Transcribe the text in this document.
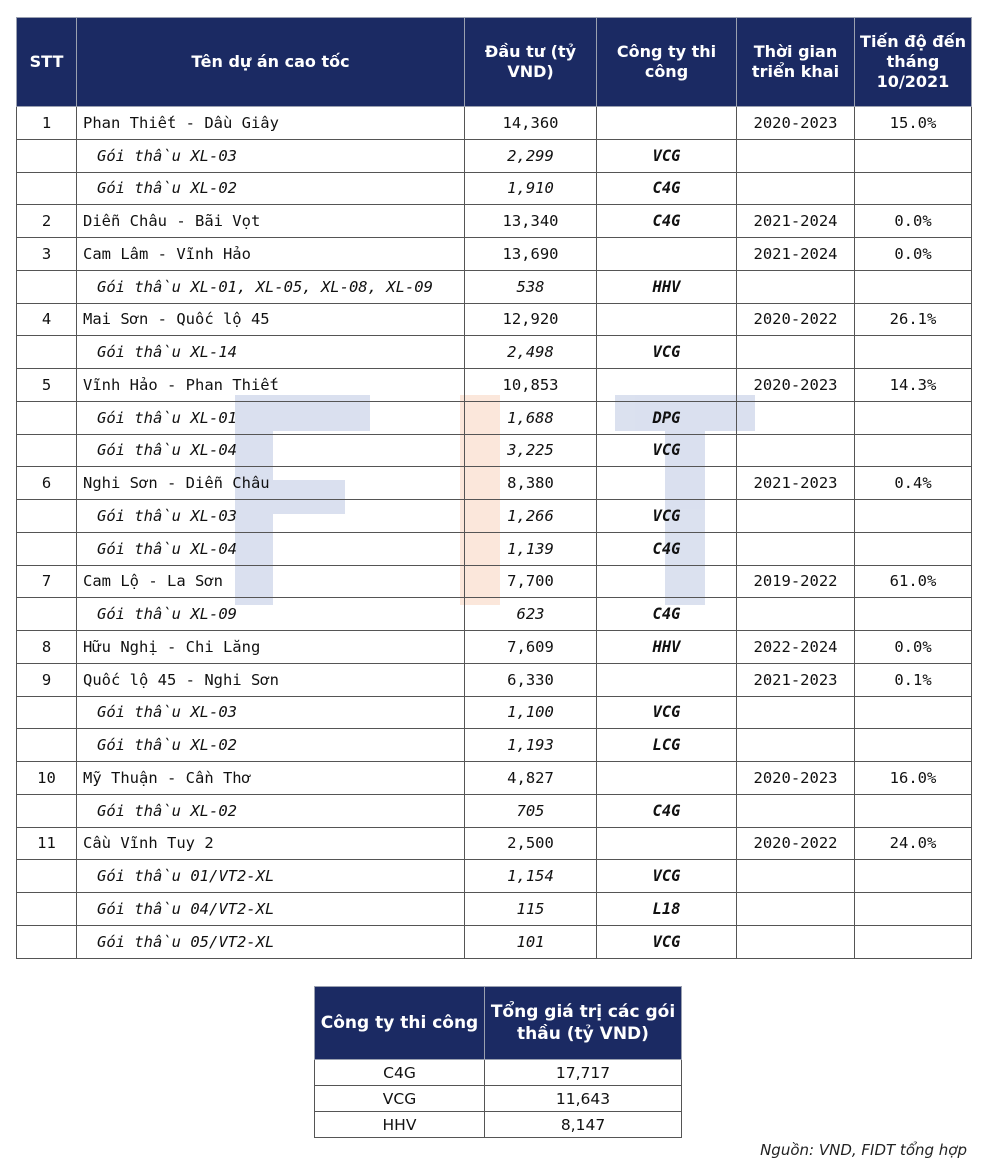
STT	Tên dự án cao tốc	Đầu tư (tỷ VND)	Công ty thi công	Thời gian triển khai	Tiến độ đến tháng 10/2021
1	Phan Thiết - Dầu Giây	14,360		2020-2023	15.0%
	Gói thầu XL-03	2,299	VCG		
	Gói thầu XL-02	1,910	C4G		
2	Diễn Châu - Bãi Vọt	13,340	C4G	2021-2024	0.0%
3	Cam Lâm - Vĩnh Hảo	13,690		2021-2024	0.0%
	Gói thầu XL-01, XL-05, XL-08, XL-09	538	HHV		
4	Mai Sơn - Quốc lộ 45	12,920		2020-2022	26.1%
	Gói thầu XL-14	2,498	VCG		
5	Vĩnh Hảo - Phan Thiết	10,853		2020-2023	14.3%
	Gói thầu XL-01	1,688	DPG		
	Gói thầu XL-04	3,225	VCG		
6	Nghi Sơn - Diễn Châu	8,380		2021-2023	0.4%
	Gói thầu XL-03	1,266	VCG		
	Gói thầu XL-04	1,139	C4G		
7	Cam Lộ - La Sơn	7,700		2019-2022	61.0%
	Gói thầu XL-09	623	C4G		
8	Hữu Nghị - Chi Lăng	7,609	HHV	2022-2024	0.0%
9	Quốc lộ 45 - Nghi Sơn	6,330		2021-2023	0.1%
	Gói thầu XL-03	1,100	VCG		
	Gói thầu XL-02	1,193	LCG		
10	Mỹ Thuận - Cần Thơ	4,827		2020-2023	16.0%
	Gói thầu XL-02	705	C4G		
11	Cầu Vĩnh Tuy 2	2,500		2020-2022	24.0%
	Gói thầu 01/VT2-XL	1,154	VCG		
	Gói thầu 04/VT2-XL	115	L18		
	Gói thầu 05/VT2-XL	101	VCG		
Công ty thi công	Tổng giá trị các gói thầu (tỷ VND)
C4G	17,717
VCG	11,643
HHV	8,147
Nguồn: VND, FIDT tổng hợp
